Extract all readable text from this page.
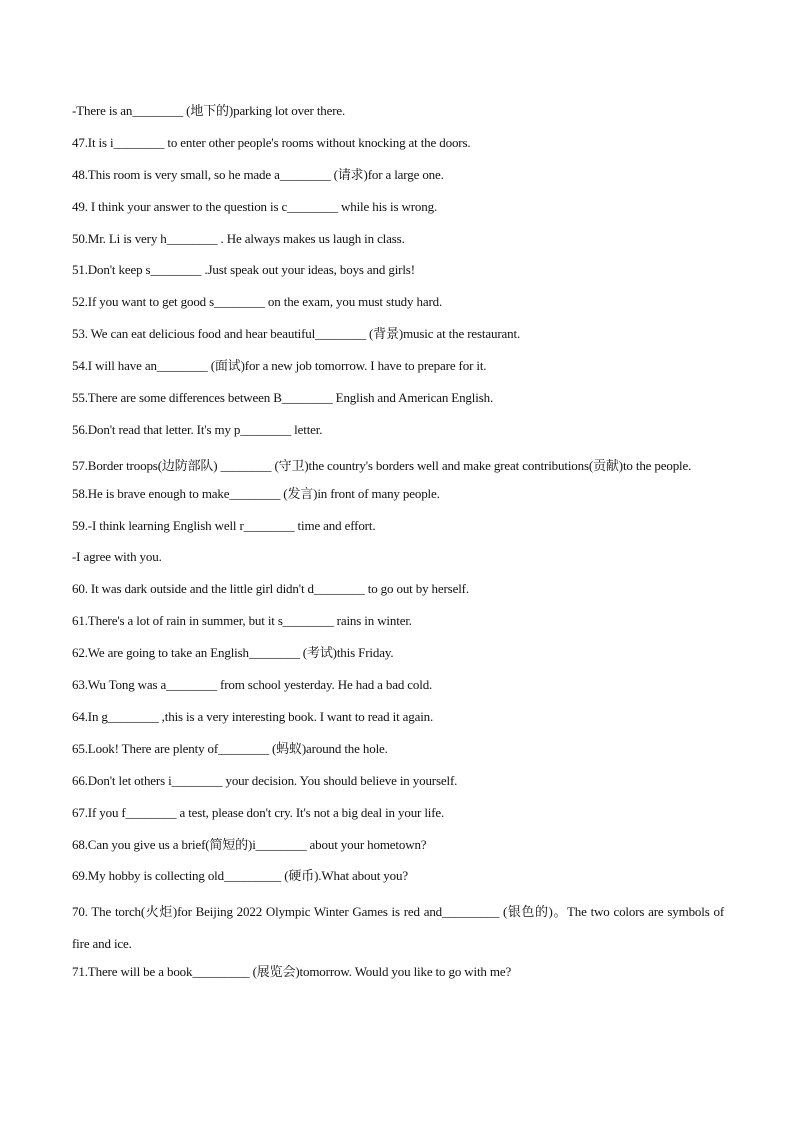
-There is an________ (地下的)parking lot over there.
47.It is i________ to enter other people's rooms without knocking at the doors.
48.This room is very small, so he made a________ (请求)for a large one.
49. I think your answer to the question is c________ while his is wrong.
50.Mr. Li is very h________ . He always makes us laugh in class.
51.Don't keep s________ .Just speak out your ideas, boys and girls!
52.If you want to get good s________ on the exam, you must study hard.
53. We can eat delicious food and hear beautiful________ (背景)music at the restaurant.
54.I will have an________ (面试)for a new job tomorrow. I have to prepare for it.
55.There are some differences between B________ English and American English.
56.Don't read that letter. It's my p________ letter.
57.Border troops(边防部队) ________ (守卫)the country's borders well and make great contributions(贡献)to the people.
58.He is brave enough to make________ (发言)in front of many people.
59.-I think learning English well r________ time and effort.
-I agree with you.
60. It was dark outside and the little girl didn't d________ to go out by herself.
61.There's a lot of rain in summer, but it s________ rains in winter.
62.We are going to take an English________ (考试)this Friday.
63.Wu Tong was a________ from school yesterday. He had a bad cold.
64.In g________ ,this is a very interesting book. I want to read it again.
65.Look! There are plenty of________ (蚂蚁)around the hole.
66.Don't let others i________ your decision. You should believe in yourself.
67.If you f________ a test, please don't cry. It's not a big deal in your life.
68.Can you give us a brief(简短的)i________ about your hometown?
69.My hobby is collecting old_________ (硬币).What about you?
70. The torch(火炬)for Beijing 2022 Olympic Winter Games is red and_________ (银色的)。The two colors are symbols of fire and ice.
71.There will be a book_________ (展览会)tomorrow. Would you like to go with me?
